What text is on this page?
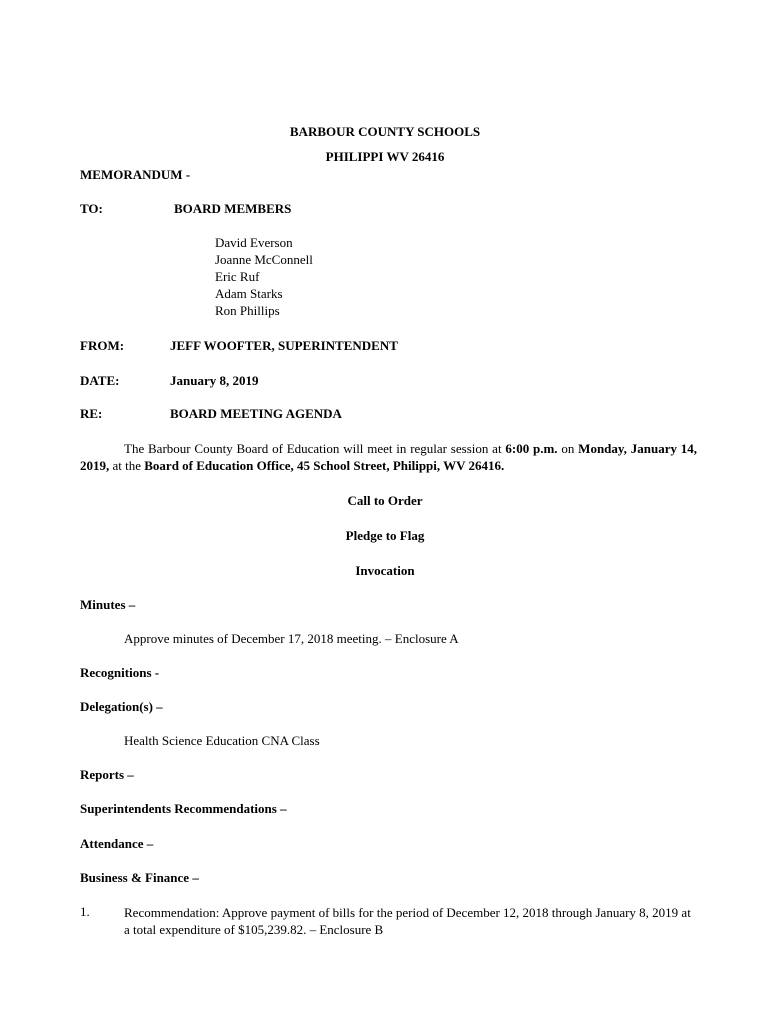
BARBOUR COUNTY SCHOOLS
PHILIPPI WV 26416
MEMORANDUM -
TO:	BOARD MEMBERS
David Everson
Joanne McConnell
Eric Ruf
Adam Starks
Ron Phillips
FROM:	JEFF WOOFTER, SUPERINTENDENT
DATE:	January 8, 2019
RE:	BOARD MEETING AGENDA
The Barbour County Board of Education will meet in regular session at 6:00 p.m. on Monday, January 14, 2019, at the Board of Education Office, 45 School Street, Philippi, WV 26416.
Call to Order
Pledge to Flag
Invocation
Minutes –
Approve minutes of December 17, 2018 meeting. – Enclosure A
Recognitions -
Delegation(s) –
Health Science Education CNA Class
Reports –
Superintendents Recommendations –
Attendance –
Business & Finance –
1.	Recommendation: Approve payment of bills for the period of December 12, 2018 through January 8, 2019 at a total expenditure of $105,239.82. – Enclosure B
